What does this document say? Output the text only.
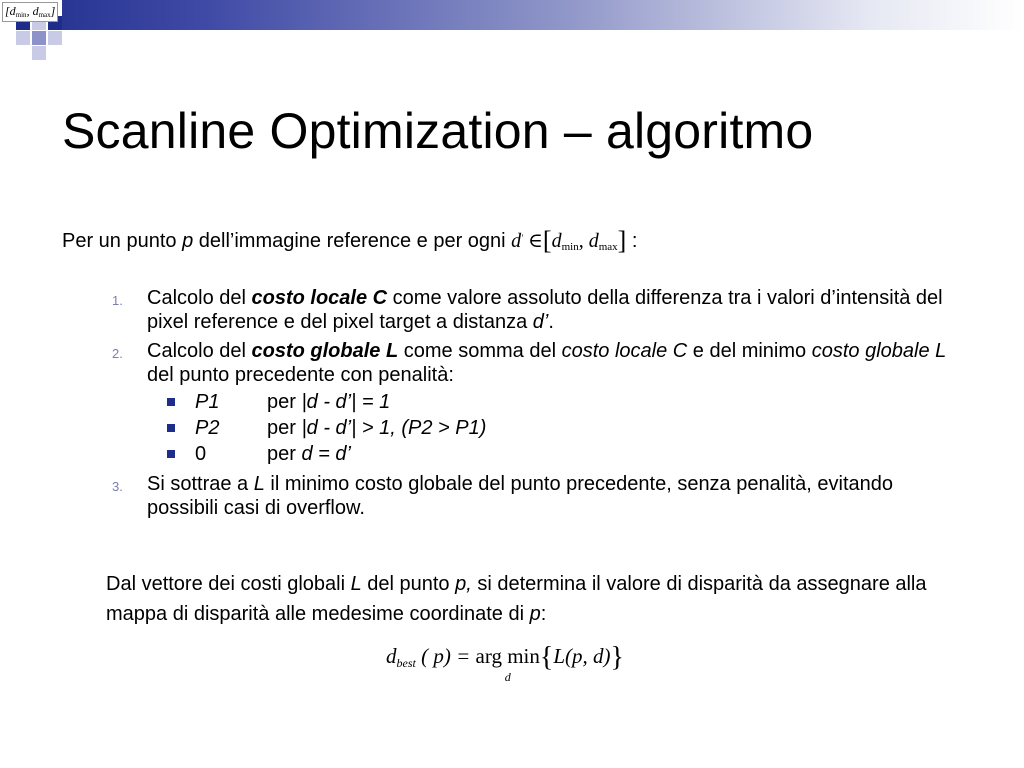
[$d_{min}$, $d_{max}$]
Scanline Optimization – algoritmo
Per un punto p dell’immagine reference e per ogni d' $\in[d_{min}$, $d_{max}$] :
1. Calcolo del costo locale C come valore assoluto della differenza tra i valori d’intensità del pixel reference e del pixel target a distanza d’.
2. Calcolo del costo globale L come somma del costo locale C e del minimo costo globale L del punto precedente con penalità:
P1 per |d - d’| = 1
P2 per |d - d’| > 1, (P2 > P1)
0	per d = d’
3. Si sottrae a L il minimo costo globale del punto precedente, senza penalità, evitando possibili casi di overflow.

Dal vettore dei costi globali L del punto p, si determina il valore di disparità da assegnare alla mappa di disparità alle medesime coordinate di p:

$d_{best}$ ( p) = arg min
d
{L(p, d)}
